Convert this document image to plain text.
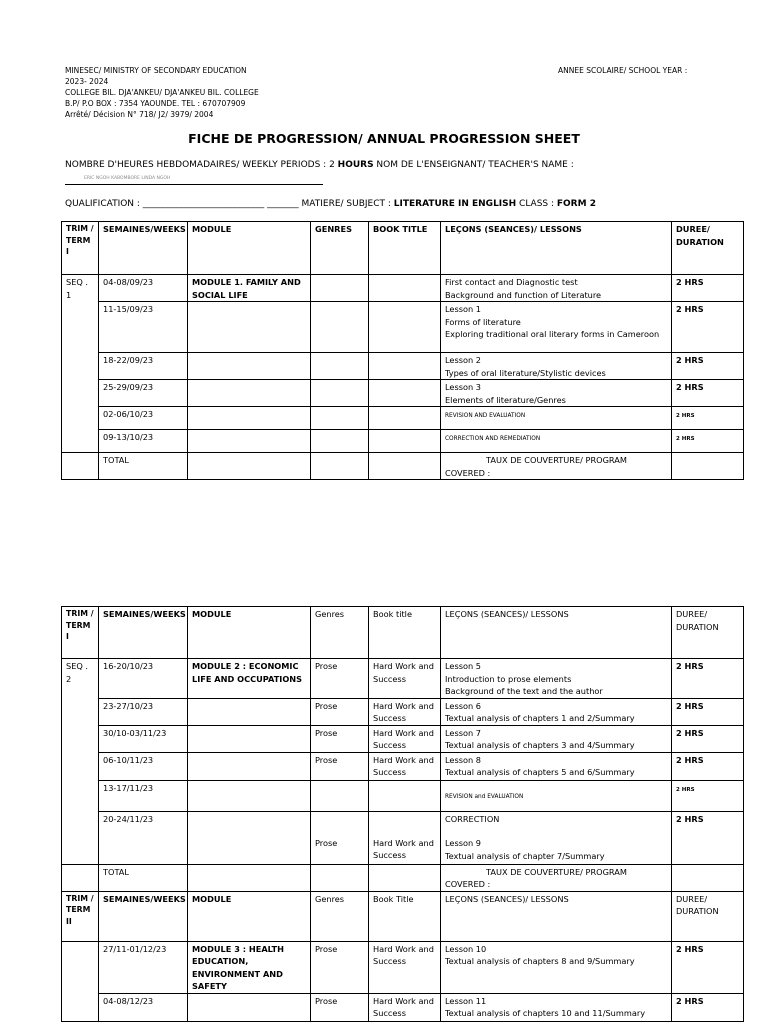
MINESEC/ MINISTRY OF SECONDARY EDUCATION
2023- 2024
COLLEGE BIL. DJA'ANKEU/ DJA'ANKEU BIL. COLLEGE
B.P/ P.O BOX : 7354 YAOUNDE. TEL : 670707909
Arrêté/ Décision N° 718/ J2/ 3979/ 2004
ANNEE SCOLAIRE/ SCHOOL YEAR :
FICHE DE PROGRESSION/ ANNUAL PROGRESSION SHEET
NOMBRE D'HEURES HEBDOMADAIRES/ WEEKLY PERIODS : 2 HOURS NOM DE L'ENSEIGNANT/ TEACHER'S NAME :
ERIC NGOH KABOMBORE LINDA NGOH
QUALIFICATION : ___________________________ _______ MATIERE/ SUBJECT : LITERATURE IN ENGLISH CLASS : FORM 2
TRIM / TERM I	SEMAINES/WEEKS	MODULE	GENRES	BOOK TITLE	LEÇONS (SEANCES)/ LESSONS	DUREE/ DURATION
SEQ . 1	04-08/09/23	MODULE 1. FAMILY AND SOCIAL LIFE			First contact and Diagnostic test
Background and function of Literature	2 HRS
	11-15/09/23				Lesson 1
Forms of literature
Exploring traditional oral literary forms in Cameroon	2 HRS
	18-22/09/23				Lesson 2
Types of oral literature/Stylistic devices	2 HRS
	25-29/09/23				Lesson 3
Elements of literature/Genres	2 HRS
	02-06/10/23				REVISION AND EVALUATION	2 HRS
	09-13/10/23				CORRECTION AND REMEDIATION	2 HRS
	TOTAL				TAUX DE COUVERTURE/ PROGRAM
COVERED :	

TRIM / TERM I	SEMAINES/WEEKS	MODULE	Genres	Book title	LEÇONS (SEANCES)/ LESSONS	DUREE/ DURATION
SEQ . 2	16-20/10/23	MODULE 2 : ECONOMIC LIFE AND OCCUPATIONS	Prose	Hard Work and Success	Lesson 5
Introduction to prose elements
Background of the text and the author	2 HRS
	23-27/10/23		Prose	Hard Work and Success	Lesson 6
Textual analysis of chapters 1 and 2/Summary	2 HRS
	30/10-03/11/23		Prose	Hard Work and Success	Lesson 7
Textual analysis of chapters 3 and 4/Summary	2 HRS
	06-10/11/23		Prose	Hard Work and Success	Lesson 8
Textual analysis of chapters 5 and 6/Summary	2 HRS
	13-17/11/23				REVISION and EVALUATION	2 HRS
	20-24/11/23		Prose	Hard Work and Success	CORRECTION
Lesson 9
Textual analysis of chapter 7/Summary	2 HRS
	TOTAL				TAUX DE COUVERTURE/ PROGRAM
COVERED :	

TRIM / TERM II	SEMAINES/WEEKS	MODULE	Genres	Book Title	LEÇONS (SEANCES)/ LESSONS	DUREE/ DURATION
	27/11-01/12/23	MODULE 3 : HEALTH EDUCATION, ENVIRONMENT AND SAFETY	Prose	Hard Work and Success	Lesson 10
Textual analysis of chapters 8 and 9/Summary	2 HRS
	04-08/12/23		Prose	Hard Work and Success	Lesson 11
Textual analysis of chapters 10 and 11/Summary	2 HRS
